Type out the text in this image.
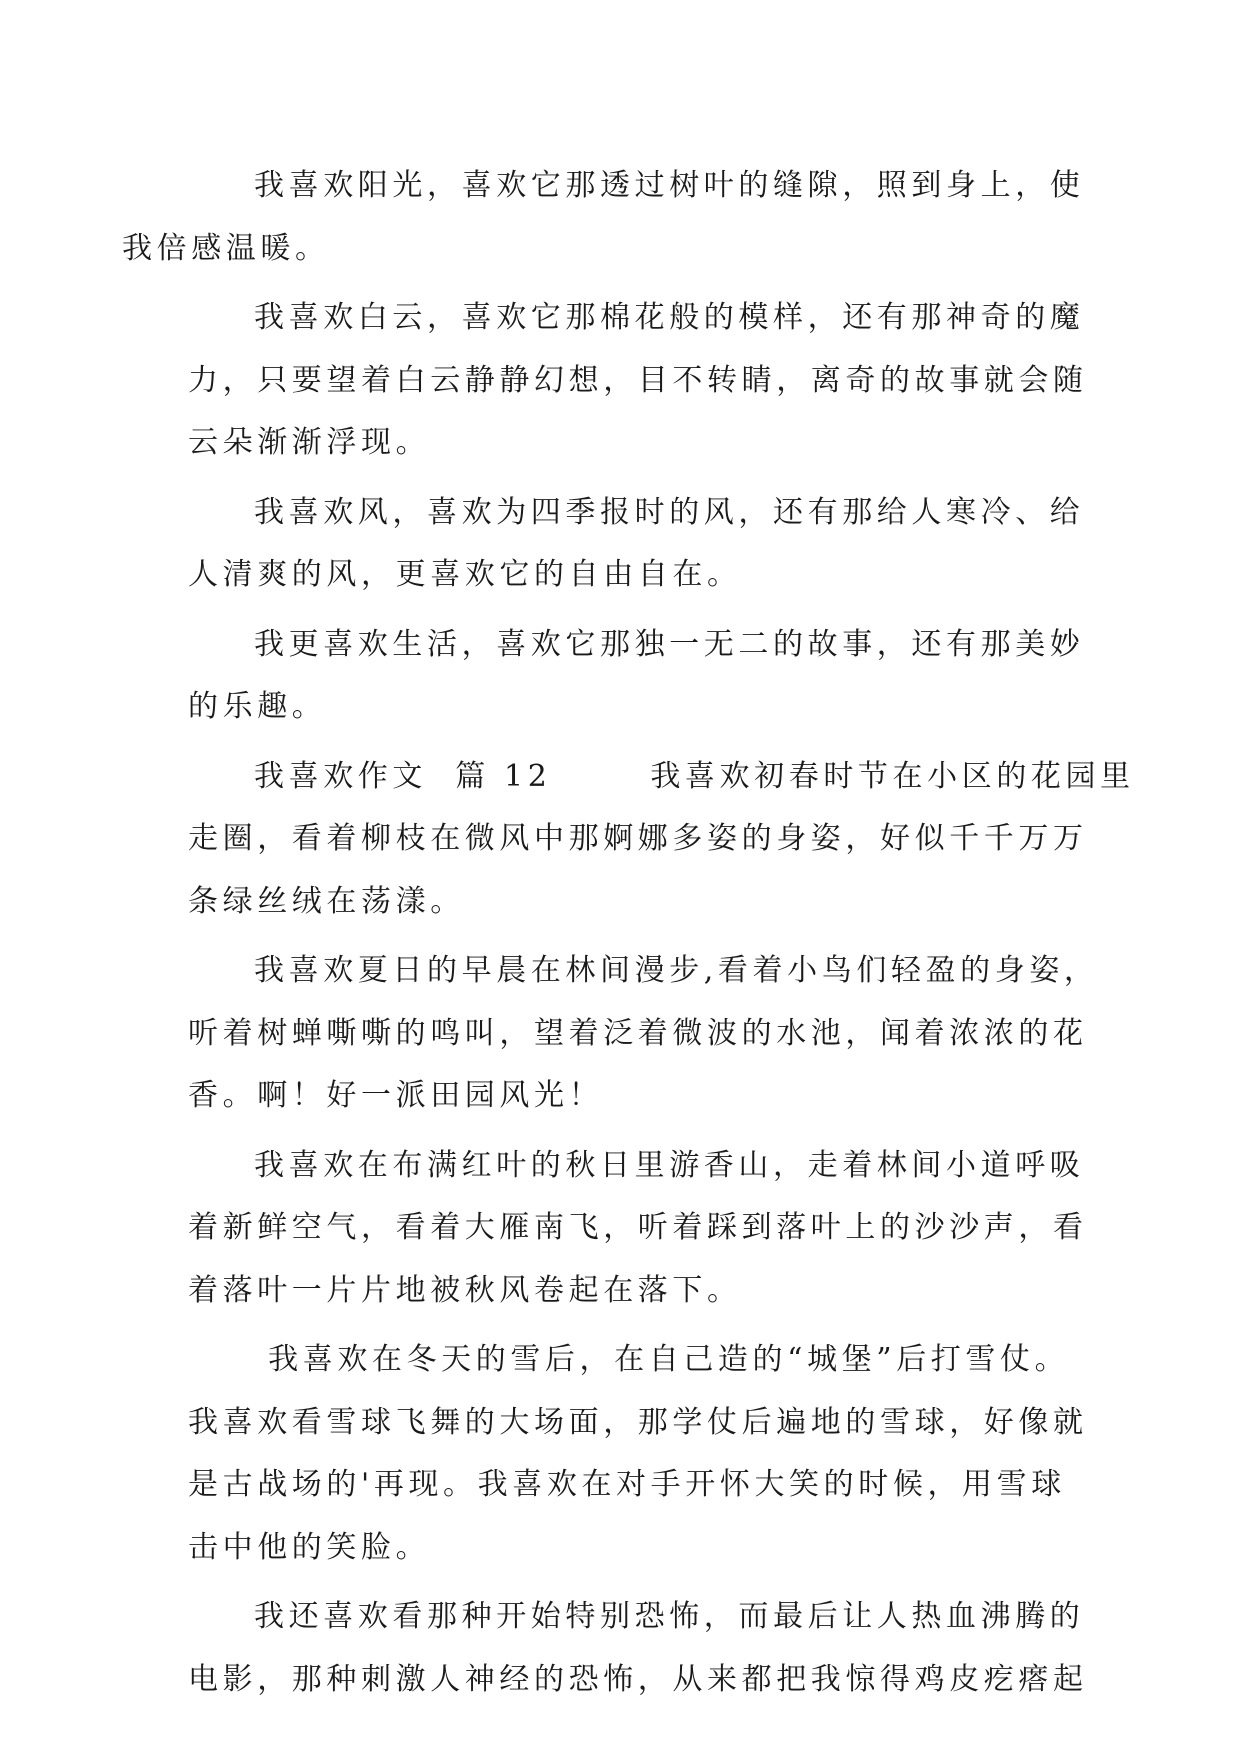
我喜欢阳光，喜欢它那透过树叶的缝隙，照到身上，使
我倍感温暖。

我喜欢白云，喜欢它那棉花般的模样，还有那神奇的魔
力，只要望着白云静静幻想，目不转睛，离奇的故事就会随
云朵渐渐浮现。

我喜欢风，喜欢为四季报时的风，还有那给人寒冷、给
人清爽的风，更喜欢它的自由自在。

我更喜欢生活，喜欢它那独一无二的故事，还有那美妙
的乐趣。

我喜欢作文  篇 12       我喜欢初春时节在小区的花园里
走圈，看着柳枝在微风中那婀娜多姿的身姿，好似千千万万
条绿丝绒在荡漾。

我喜欢夏日的早晨在林间漫步,看着小鸟们轻盈的身姿，
听着树蝉嘶嘶的鸣叫，望着泛着微波的水池，闻着浓浓的花
香。啊！好一派田园风光！

我喜欢在布满红叶的秋日里游香山，走着林间小道呼吸
着新鲜空气，看着大雁南飞，听着踩到落叶上的沙沙声，看
着落叶一片片地被秋风卷起在落下。

我喜欢在冬天的雪后，在自己造的“城堡”后打雪仗。
我喜欢看雪球飞舞的大场面，那学仗后遍地的雪球，好像就
是古战场的'再现。我喜欢在对手开怀大笑的时候，用雪球
击中他的笑脸。

我还喜欢看那种开始特别恐怖，而最后让人热血沸腾的
电影，那种刺激人神经的恐怖，从来都把我惊得鸡皮疙瘩起
